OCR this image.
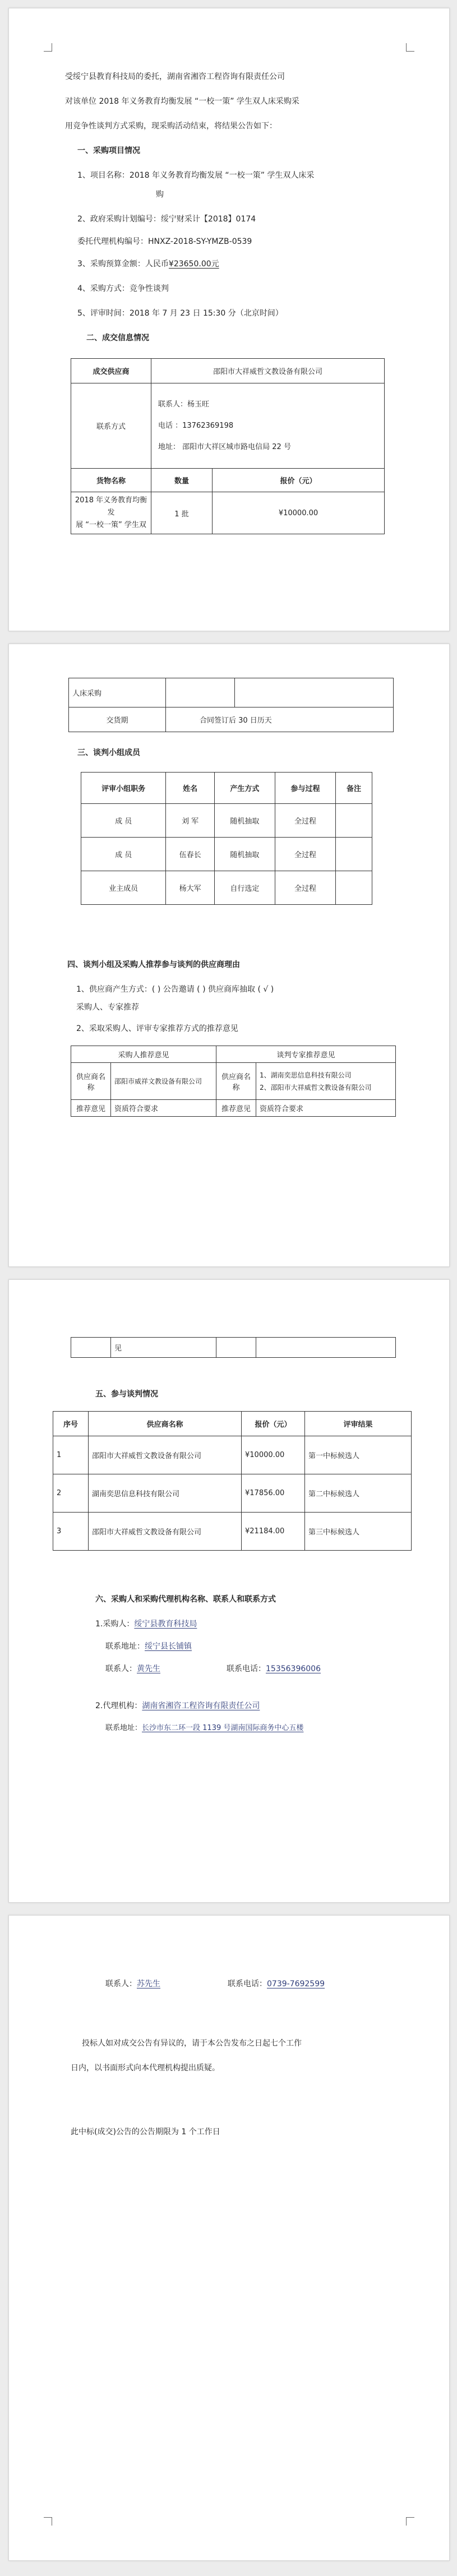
受绥宁县教育科技局的委托，湖南省湘咨工程咨询有限责任公司
对该单位 2018 年义务教育均衡发展 “一校一策” 学生双人床采购采
用竞争性谈判方式采购，现采购活动结束，将结果公告如下：
一、采购项目情况
1、项目名称：2018 年义务教育均衡发展 “一校一策” 学生双人床采
购
2、政府采购计划编号：绥宁财采计【2018】0174
委托代理机构编号：HNXZ-2018-SY-YMZB-0539
3、采购预算金额：人民币¥23650.00元
4、采购方式：竞争性谈判
5、评审时间：2018 年 7 月 23 日 15:30 分（北京时间）
二、成交信息情况
成交供应商	邵阳市大祥威哲文教设备有限公司	
联系方式	联系人：杨玉旺
电话 ：13762369198
地址： 邵阳市大祥区城市路电信局 22 号	

货物名称	数量	报价（元）

2018 年义务教育均衡发
展 “一校一策” 学生双	1 批	¥10000.00
人床采购		
交货期	合同签订后 30 日历天	
三、谈判小组成员
评审小组职务	姓名	产生方式	参与过程	备注
成 员	刘 军	随机抽取	全过程	
成 员	伍春长	随机抽取	全过程	
业主成员	杨大军	自行选定	全过程	
四、谈判小组及采购人推荐参与谈判的供应商理由
1、供应商产生方式：( ) 公告邀请 ( ) 供应商库抽取 ( √ )
采购人、专家推荐
2、采取采购人、评审专家推荐方式的推荐意见
采购人推荐意见		谈判专家推荐意见	
供应商名称	邵阳市威祥文教设备有限公司	供应商名称	1、湖南奕思信息科技有限公司
2、邵阳市大祥威哲文教设备有限公司

推荐意见	资质符合要求	推荐意见	资质符合要求
	见		
五、参与谈判情况
序号	供应商名称	报价（元）	评审结果
1	邵阳市大祥威哲文教设备有限公司	¥10000.00	第一中标候选人
2	湖南奕思信息科技有限公司	¥17856.00	第二中标候选人
3	邵阳市大祥威哲文教设备有限公司	¥21184.00	第三中标候选人
六、采购人和采购代理机构名称、联系人和联系方式
1.采购人：绥宁县教育科技局
联系地址：绥宁县长铺镇
联系人：黄先生	联系电话：15356396006
2.代理机构：湖南省湘咨工程咨询有限责任公司
联系地址：长沙市东二环一段 1139 号湖南国际商务中心五楼
联系人：苏先生	联系电话：0739-7692599
投标人如对成交公告有异议的，请于本公告发布之日起七个工作
日内，以书面形式向本代理机构提出质疑。
此中标(成交)公告的公告期限为 1 个工作日
